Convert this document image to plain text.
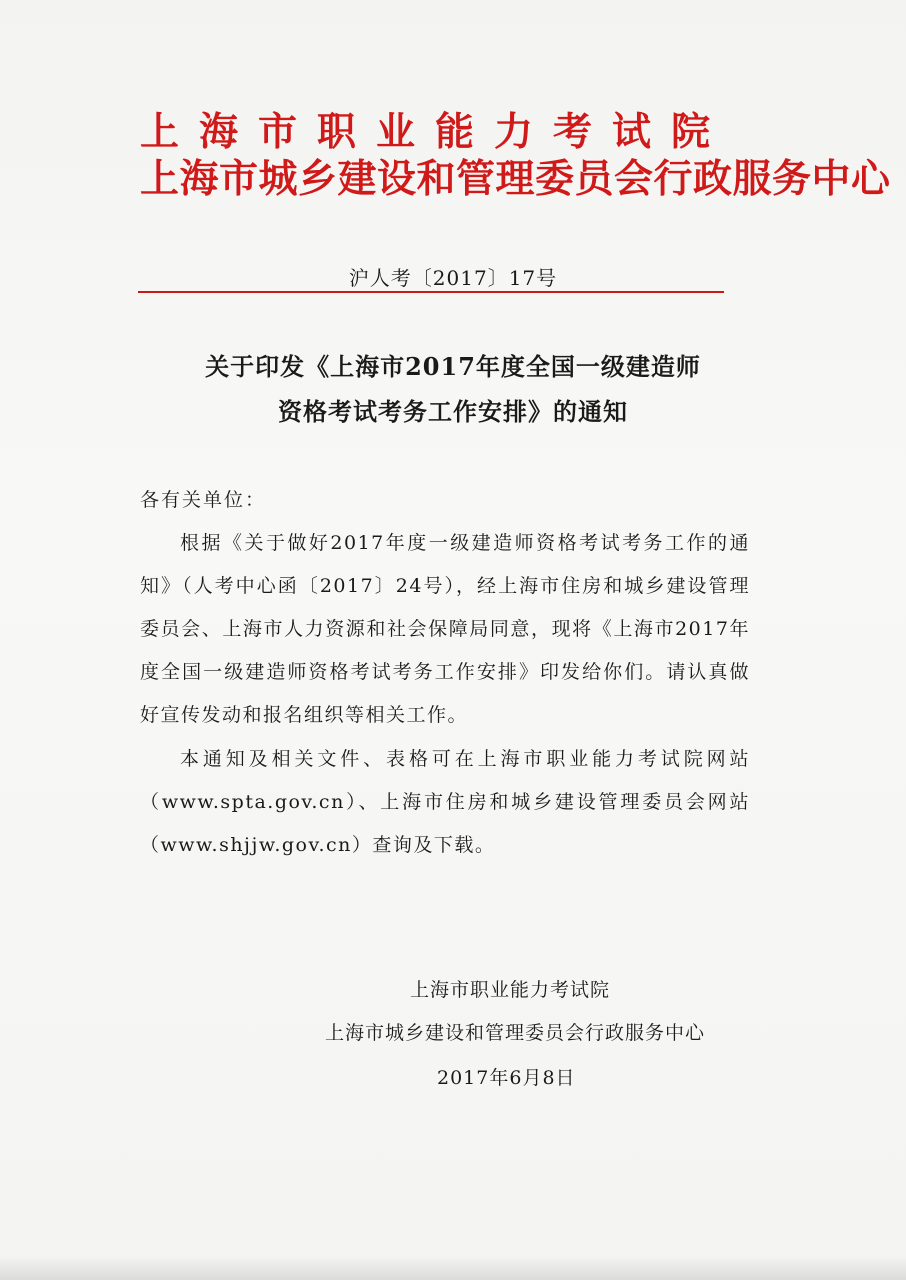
上海市职业能力考试院
上海市城乡建设和管理委员会行政服务中心
沪人考〔2017〕17号
关于印发《上海市2017年度全国一级建造师
资格考试考务工作安排》的通知
各有关单位：

根据《关于做好2017年度一级建造师资格考试考务工作的通知》（人考中心函〔2017〕24号），经上海市住房和城乡建设管理委员会、上海市人力资源和社会保障局同意，现将《上海市2017年度全国一级建造师资格考试考务工作安排》印发给你们。请认真做好宣传发动和报名组织等相关工作。

本通知及相关文件、表格可在上海市职业能力考试院网站（www.spta.gov.cn）、上海市住房和城乡建设管理委员会网站（www.shjjw.gov.cn）查询及下载。

上海市职业能力考试院
上海市城乡建设和管理委员会行政服务中心
2017年6月8日
